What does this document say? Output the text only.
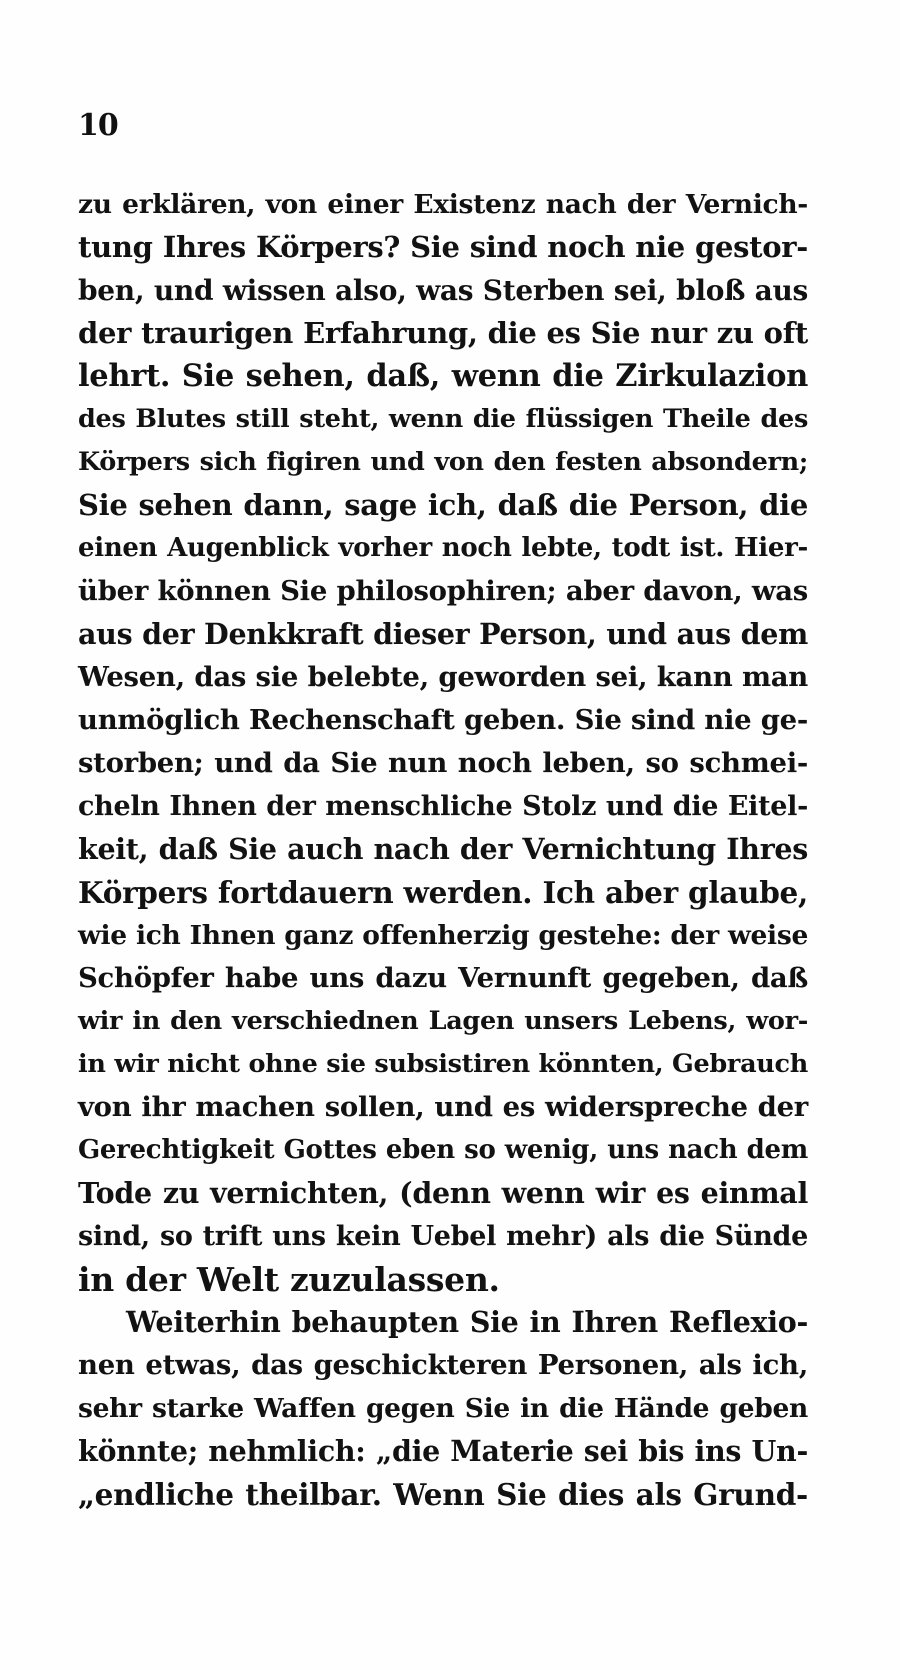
10
zu erklären, von einer Existenz nach der Vernich-
tung Ihres Körpers? Sie sind noch nie gestor-
ben, und wissen also, was Sterben sei, bloß aus
der traurigen Erfahrung, die es Sie nur zu oft
lehrt. Sie sehen, daß, wenn die Zirkulazion
des Blutes still steht, wenn die flüssigen Theile des
Körpers sich figiren und von den festen absondern;
Sie sehen dann, sage ich, daß die Person, die
einen Augenblick vorher noch lebte, todt ist. Hier-
über können Sie philosophiren; aber davon, was
aus der Denkkraft dieser Person, und aus dem
Wesen, das sie belebte, geworden sei, kann man
unmöglich Rechenschaft geben. Sie sind nie ge-
storben; und da Sie nun noch leben, so schmei-
cheln Ihnen der menschliche Stolz und die Eitel-
keit, daß Sie auch nach der Vernichtung Ihres
Körpers fortdauern werden. Ich aber glaube,
wie ich Ihnen ganz offenherzig gestehe: der weise
Schöpfer habe uns dazu Vernunft gegeben, daß
wir in den verschiednen Lagen unsers Lebens, wor-
in wir nicht ohne sie subsistiren könnten, Gebrauch
von ihr machen sollen, und es widerspreche der
Gerechtigkeit Gottes eben so wenig, uns nach dem
Tode zu vernichten, (denn wenn wir es einmal
sind, so trift uns kein Uebel mehr) als die Sünde
in der Welt zuzulassen.
Weiterhin behaupten Sie in Ihren Reflexio-
nen etwas, das geschickteren Personen, als ich,
sehr starke Waffen gegen Sie in die Hände geben
könnte; nehmlich: „die Materie sei bis ins Un-
„endliche theilbar. Wenn Sie dies als Grund-
